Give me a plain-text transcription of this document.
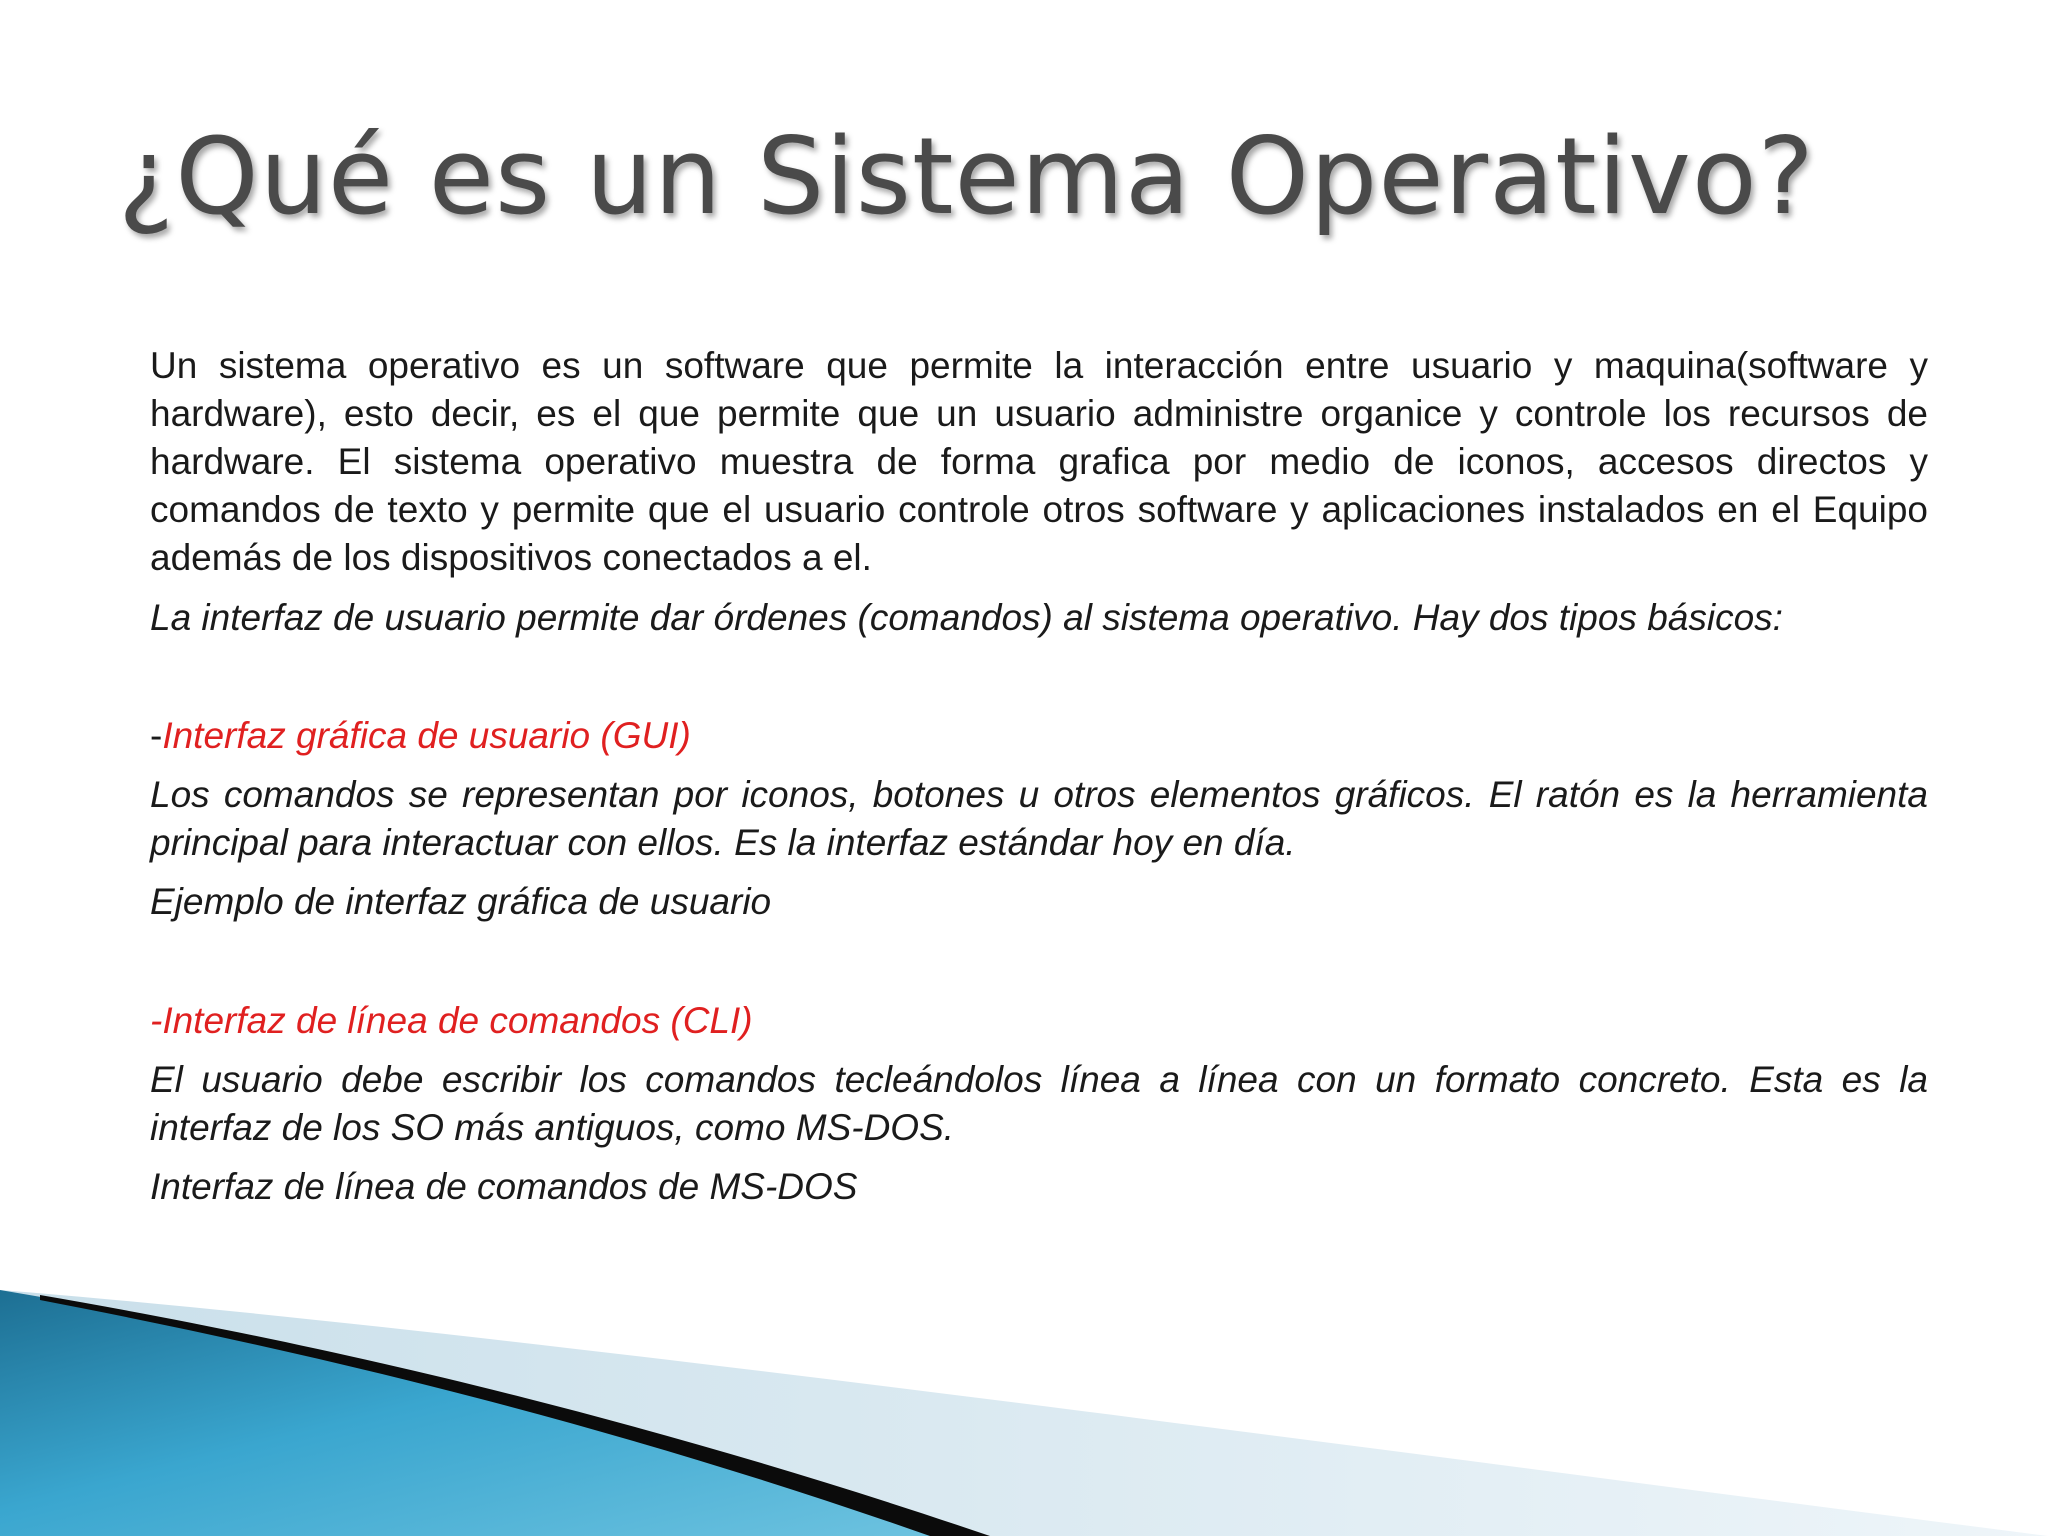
¿Qué es un Sistema Operativo?

Un sistema operativo es un software que permite la interacción entre usuario y maquina(software y hardware), esto decir, es el que permite que un usuario administre organice y controle los recursos de hardware. El sistema operativo muestra de forma grafica por medio de iconos, accesos directos y comandos de texto y permite que el usuario controle otros software y aplicaciones instalados en el Equipo además de los dispositivos conectados a el.

La interfaz de usuario permite dar órdenes (comandos) al sistema operativo. Hay dos tipos básicos:

-Interfaz gráfica de usuario (GUI)

Los comandos se representan por iconos, botones u otros elementos gráficos. El ratón es la herramienta principal para interactuar con ellos. Es la interfaz estándar hoy en día.

Ejemplo de interfaz gráfica de usuario

-Interfaz de línea de comandos (CLI)

El usuario debe escribir los comandos tecleándolos línea a línea con un formato concreto. Esta es la interfaz de los SO más antiguos, como MS-DOS.

Interfaz de línea de comandos de MS-DOS
